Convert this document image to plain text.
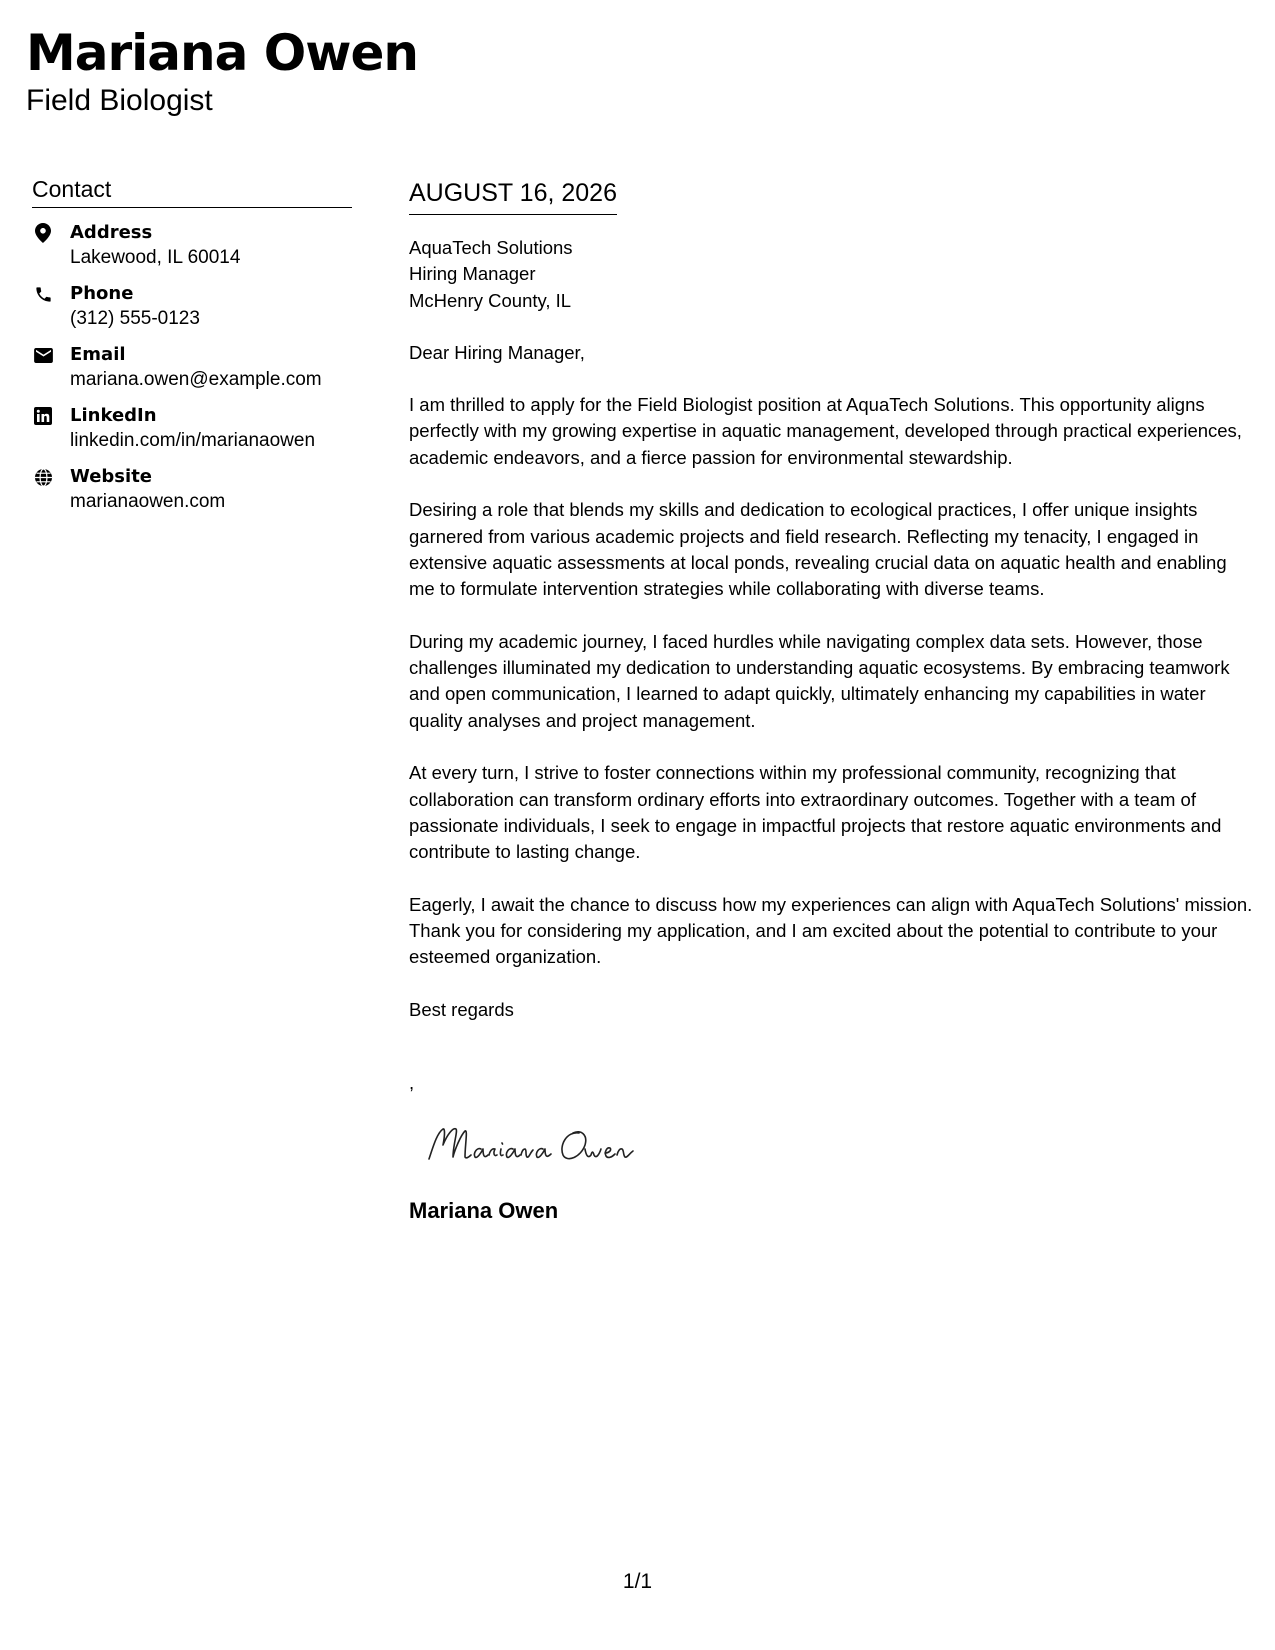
Mariana Owen
Field Biologist
Contact
Address
Lakewood, IL 60014
Phone
(312) 555-0123
Email
mariana.owen@example.com
LinkedIn
linkedin.com/in/marianaowen
Website
marianaowen.com
AUGUST 16, 2026
AquaTech Solutions
Hiring Manager
McHenry County, IL

Dear Hiring Manager,

I am thrilled to apply for the Field Biologist position at AquaTech Solutions. This opportunity aligns perfectly with my growing expertise in aquatic management, developed through practical experiences, academic endeavors, and a fierce passion for environmental stewardship.

Desiring a role that blends my skills and dedication to ecological practices, I offer unique insights garnered from various academic projects and field research. Reflecting my tenacity, I engaged in extensive aquatic assessments at local ponds, revealing crucial data on aquatic health and enabling me to formulate intervention strategies while collaborating with diverse teams.

During my academic journey, I faced hurdles while navigating complex data sets. However, those challenges illuminated my dedication to understanding aquatic ecosystems. By embracing teamwork and open communication, I learned to adapt quickly, ultimately enhancing my capabilities in water quality analyses and project management.

At every turn, I strive to foster connections within my professional community, recognizing that collaboration can transform ordinary efforts into extraordinary outcomes. Together with a team of passionate individuals, I seek to engage in impactful projects that restore aquatic environments and contribute to lasting change.

Eagerly, I await the chance to discuss how my experiences can align with AquaTech Solutions' mission. Thank you for considering my application, and I am excited about the potential to contribute to your esteemed organization.

Best regards

,
Mariana Owen
1/1
